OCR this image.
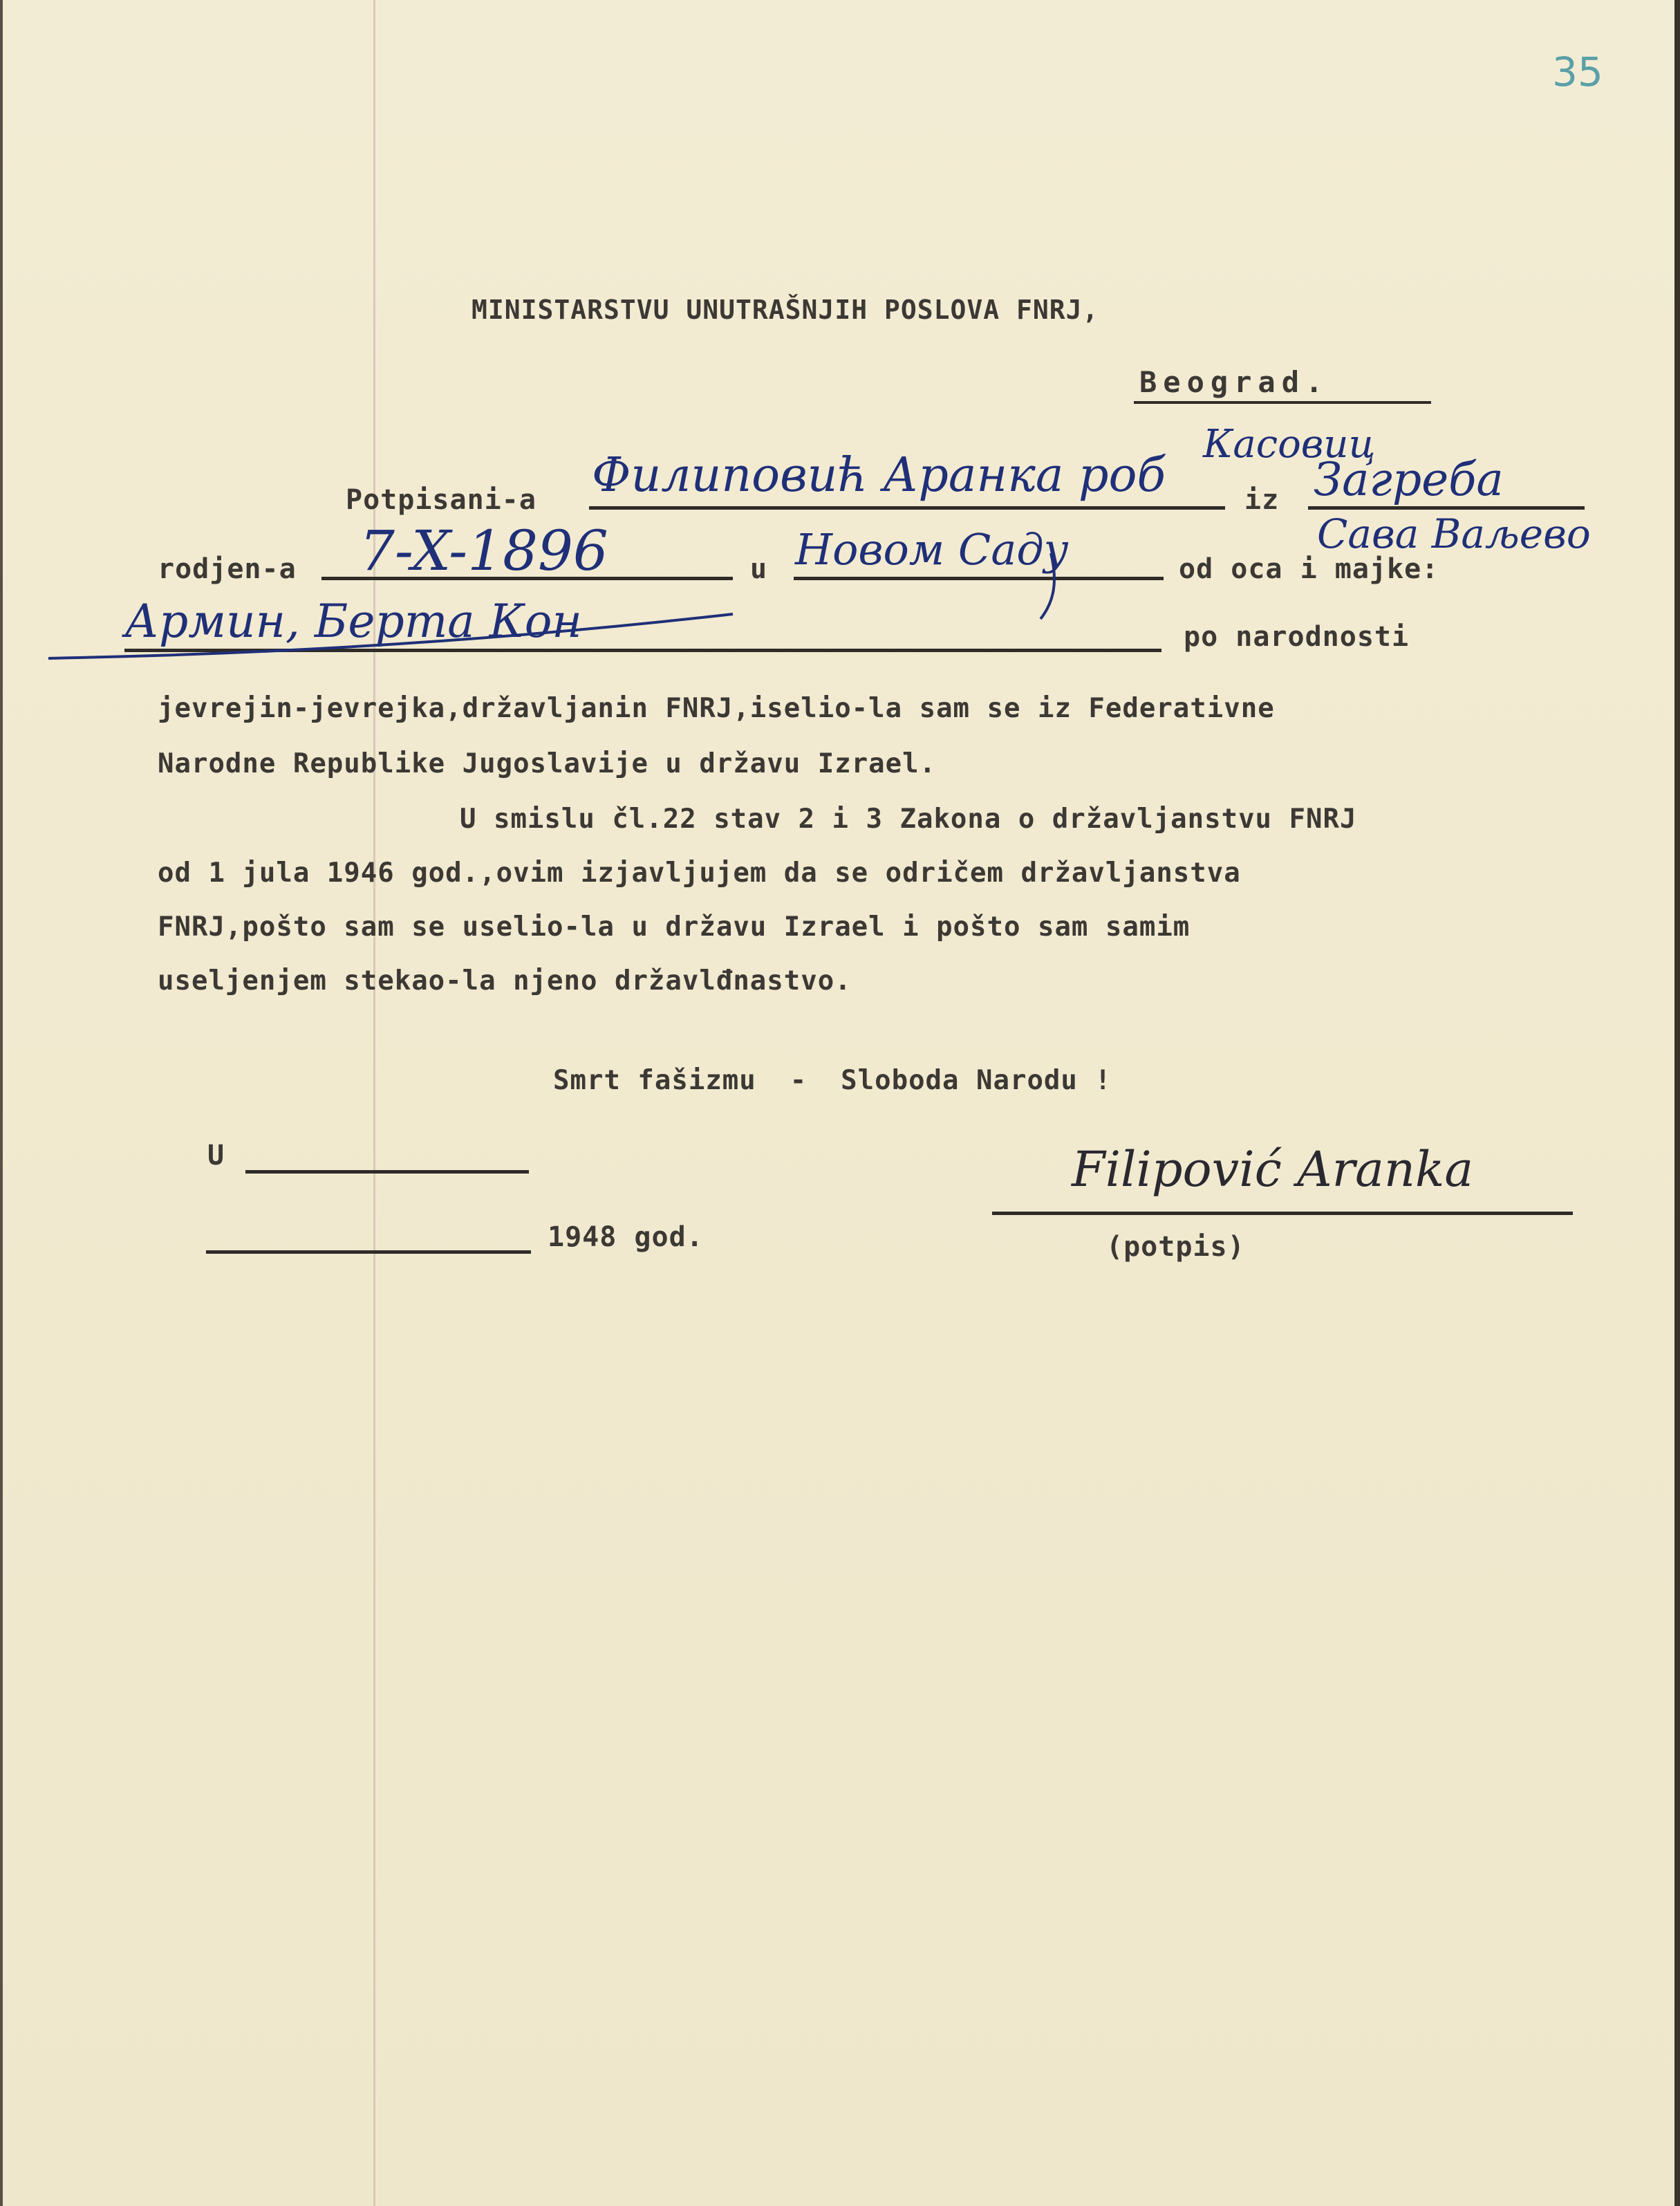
35
MINISTARSTVU UNUTRAŠNJIH POSLOVA FNRJ,
Beograd.
Potpisani-a Филиповић Аранка роб
Касовиц
iz Загреба
Сава Ваљево
rodjen-a 7-X-1896	u Новом Саду	od oca i majke:
Армин, Берта Кон	po narodnosti
jevrejin-jevrejka,državljanin FNRJ,iselio-la sam se iz Federativne
Narodne Republike Jugoslavije u državu Izrael.
U smislu čl.22 stav 2 i 3 Zakona o državljanstvu FNRJ
od 1 jula 1946 god.,ovim izjavljujem da se odričem državljanstva
FNRJ,pošto sam se uselio-la u državu Izrael i pošto sam samim
useljenjem stekao-la njeno državlđnastvo.
Smrt fašizmu  -  Sloboda Narodu !
U
1948 god.
Filipović Aranka
(potpis)
